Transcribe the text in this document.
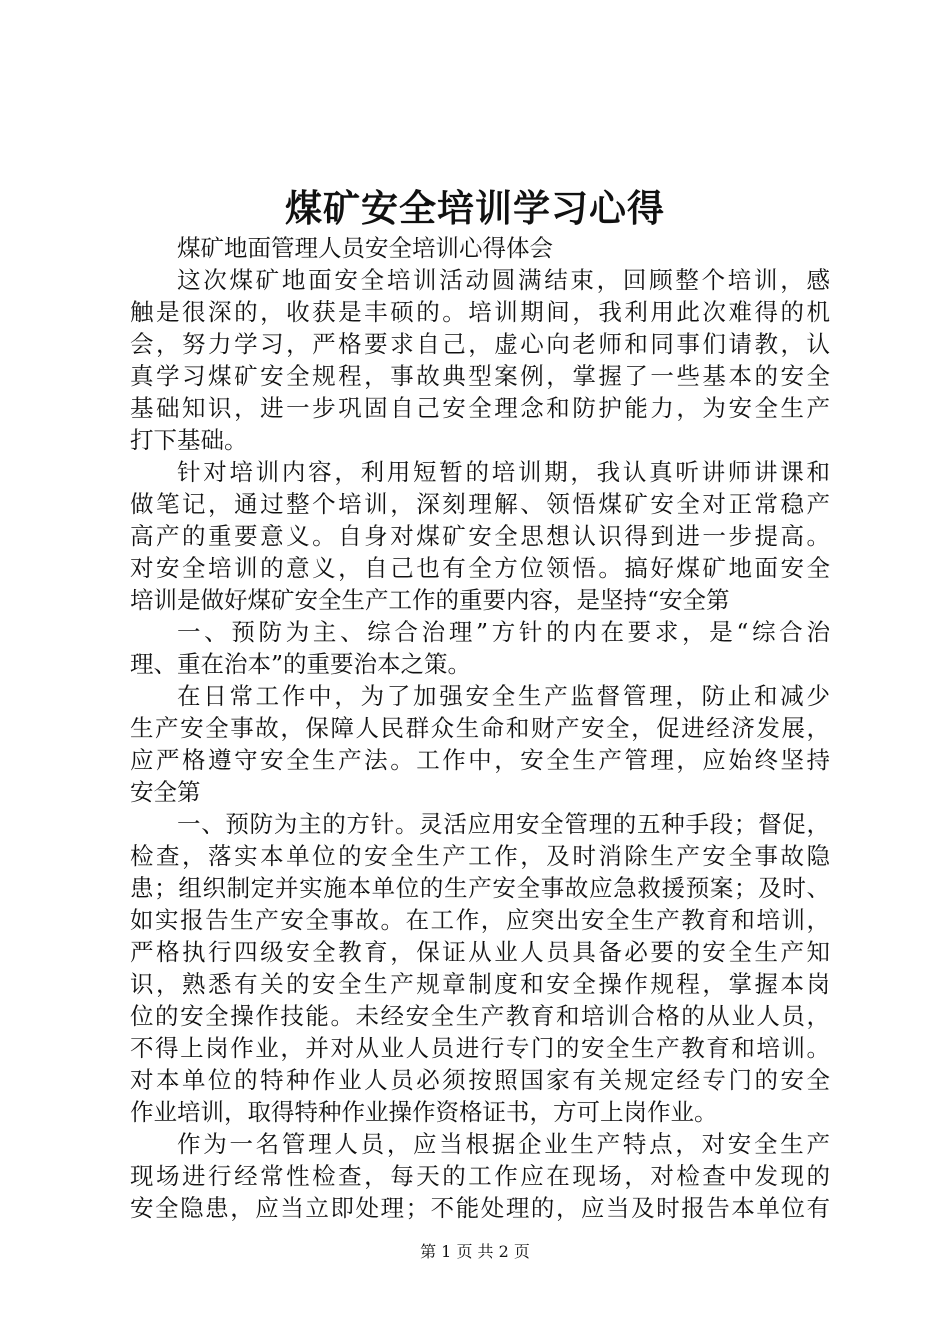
煤矿安全培训学习心得
煤矿地面管理人员安全培训心得体会
这次煤矿地面安全培训活动圆满结束，回顾整个培训，感
触是很深的，收获是丰硕的。培训期间，我利用此次难得的机
会，努力学习，严格要求自己，虚心向老师和同事们请教，认
真学习煤矿安全规程，事故典型案例，掌握了一些基本的安全
基础知识，进一步巩固自己安全理念和防护能力，为安全生产
打下基础。
针对培训内容，利用短暂的培训期，我认真听讲师讲课和
做笔记，通过整个培训，深刻理解、领悟煤矿安全对正常稳产
高产的重要意义。自身对煤矿安全思想认识得到进一步提高。
对安全培训的意义，自己也有全方位领悟。搞好煤矿地面安全
培训是做好煤矿安全生产工作的重要内容，是坚持“安全第
一、预防为主、综合治理”方针的内在要求，是“综合治
理、重在治本”的重要治本之策。
在日常工作中，为了加强安全生产监督管理，防止和减少
生产安全事故，保障人民群众生命和财产安全，促进经济发展，
应严格遵守安全生产法。工作中，安全生产管理，应始终坚持
安全第
一、预防为主的方针。灵活应用安全管理的五种手段；督促，
检查，落实本单位的安全生产工作，及时消除生产安全事故隐
患；组织制定并实施本单位的生产安全事故应急救援预案；及时、
如实报告生产安全事故。在工作，应突出安全生产教育和培训，
严格执行四级安全教育，保证从业人员具备必要的安全生产知
识，熟悉有关的安全生产规章制度和安全操作规程，掌握本岗
位的安全操作技能。未经安全生产教育和培训合格的从业人员，
不得上岗作业，并对从业人员进行专门的安全生产教育和培训。
对本单位的特种作业人员必须按照国家有关规定经专门的安全
作业培训，取得特种作业操作资格证书，方可上岗作业。
作为一名管理人员，应当根据企业生产特点，对安全生产
现场进行经常性检查，每天的工作应在现场，对检查中发现的
安全隐患，应当立即处理；不能处理的，应当及时报告本单位有
第 1 页 共 2 页
